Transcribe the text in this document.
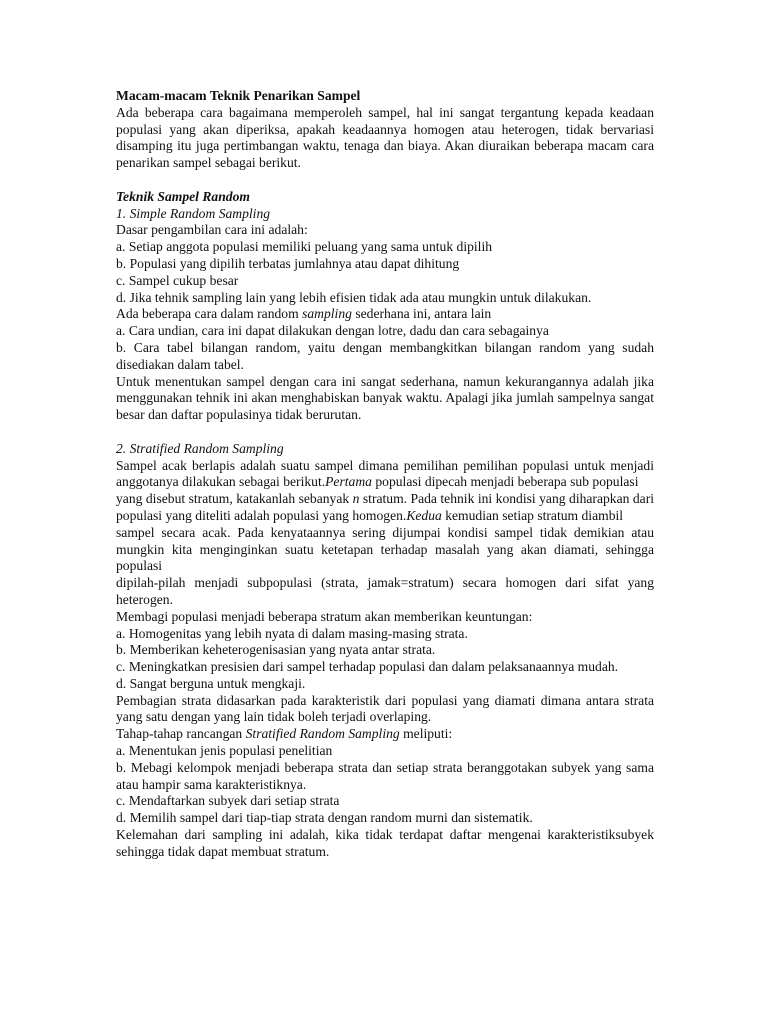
Macam-macam Teknik Penarikan Sampel

Ada beberapa cara bagaimana memperoleh sampel, hal ini sangat tergantung kepada keadaan populasi yang akan diperiksa, apakah keadaannya homogen atau heterogen, tidak bervariasi disamping itu juga pertimbangan waktu, tenaga dan biaya. Akan diuraikan beberapa macam cara penarikan sampel sebagai berikut.

Teknik Sampel Random

1. Simple Random Sampling

Dasar pengambilan cara ini adalah:

a. Setiap anggota populasi memiliki peluang yang sama untuk dipilih

b. Populasi yang dipilih terbatas jumlahnya atau dapat dihitung

c. Sampel cukup besar

d. Jika tehnik sampling lain yang lebih efisien tidak ada atau mungkin untuk dilakukan.

Ada beberapa cara dalam random sampling sederhana ini, antara lain

a. Cara undian, cara ini dapat dilakukan dengan lotre, dadu dan cara sebagainya

b. Cara tabel bilangan random, yaitu dengan membangkitkan bilangan random yang sudah disediakan dalam tabel.

Untuk menentukan sampel dengan cara ini sangat sederhana, namun kekurangannya adalah jika menggunakan tehnik ini akan menghabiskan banyak waktu. Apalagi jika jumlah sampelnya sangat besar dan daftar populasinya tidak berurutan.

2. Stratified Random Sampling

Sampel acak berlapis adalah suatu sampel dimana pemilihan pemilihan populasi untuk menjadi anggotanya dilakukan sebagai berikut.Pertama populasi dipecah menjadi beberapa sub populasi

yang disebut stratum, katakanlah sebanyak n stratum. Pada tehnik ini kondisi yang diharapkan dari populasi yang diteliti adalah populasi yang homogen.Kedua kemudian setiap stratum diambil

sampel secara acak. Pada kenyataannya sering dijumpai kondisi sampel tidak demikian atau mungkin kita menginginkan suatu ketetapan terhadap masalah yang akan diamati, sehingga populasi

dipilah-pilah menjadi subpopulasi (strata, jamak=stratum) secara homogen dari sifat yang heterogen.

Membagi populasi menjadi beberapa stratum akan memberikan keuntungan:

a. Homogenitas yang lebih nyata di dalam masing-masing strata.

b. Memberikan keheterogenisasian yang nyata antar strata.

c. Meningkatkan presisien dari sampel terhadap populasi dan dalam pelaksanaannya mudah.

d. Sangat berguna untuk mengkaji.

Pembagian strata didasarkan pada karakteristik dari populasi yang diamati dimana antara strata yang satu dengan yang lain tidak boleh terjadi overlaping.

Tahap-tahap rancangan Stratified Random Sampling meliputi:

a. Menentukan jenis populasi penelitian

b. Mebagi kelompok menjadi beberapa strata dan setiap strata beranggotakan subyek yang sama atau hampir sama karakteristiknya.

c. Mendaftarkan subyek dari setiap strata

d. Memilih sampel dari tiap-tiap strata dengan random murni dan sistematik.

Kelemahan dari sampling ini adalah, kika tidak terdapat daftar mengenai karakteristiksubyek sehingga tidak dapat membuat stratum.
